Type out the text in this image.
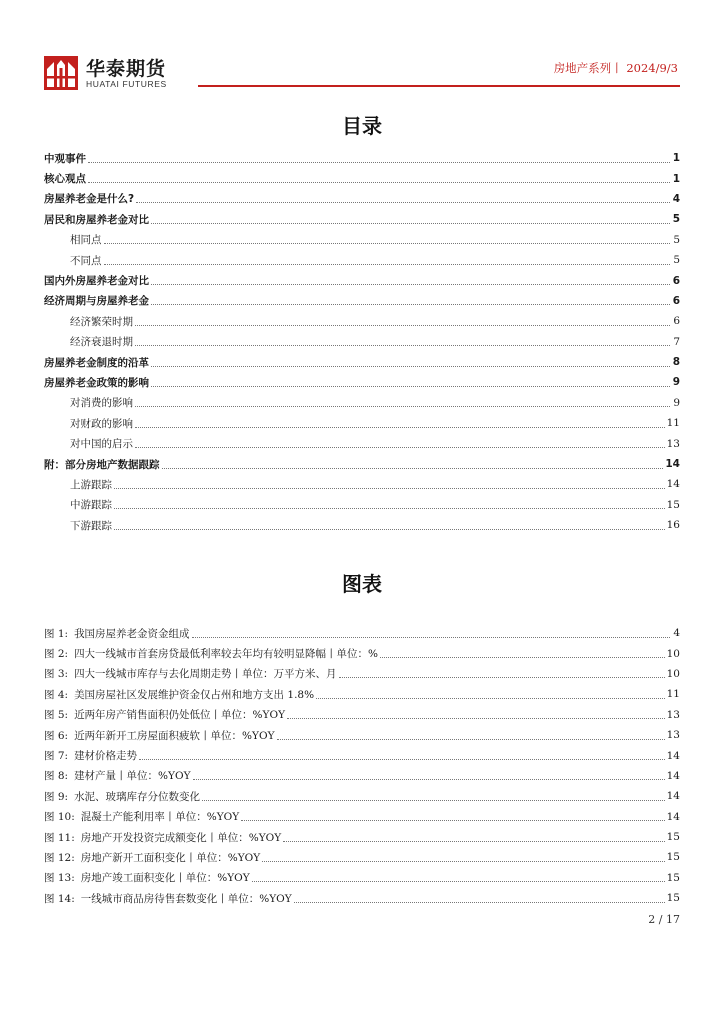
华泰期货
HUATAI FUTURES
房地产系列丨 2024/9/3
目录
中观事件	1
核心观点	1
房屋养老金是什么?	4
居民和房屋养老金对比	5
相同点	5
不同点	5
国内外房屋养老金对比	6
经济周期与房屋养老金	6
经济繁荣时期	6
经济衰退时期	7
房屋养老金制度的沿革	8
房屋养老金政策的影响	9
对消费的影响	9
对财政的影响	11
对中国的启示	13
附：部分房地产数据跟踪	14
上游跟踪	14
中游跟踪	15
下游跟踪	16
图表
图 1: 我国房屋养老金资金组成	4
图 2: 四大一线城市首套房贷最低利率较去年均有较明显降幅丨单位：%	10
图 3: 四大一线城市库存与去化周期走势丨单位：万平方米、月	10
图 4: 美国房屋社区发展维护资金仅占州和地方支出 1.8%	11
图 5: 近两年房产销售面积仍处低位丨单位：%YOY	13
图 6: 近两年新开工房屋面积疲软丨单位：%YOY	13
图 7: 建材价格走势	14
图 8: 建材产量丨单位：%YOY	14
图 9: 水泥、玻璃库存分位数变化	14
图 10: 混凝土产能利用率丨单位：%YOY	14
图 11: 房地产开发投资完成额变化丨单位：%YOY	15
图 12: 房地产新开工面积变化丨单位：%YOY	15
图 13: 房地产竣工面积变化丨单位：%YOY	15
图 14: 一线城市商品房待售套数变化丨单位：%YOY	15
2 / 17
